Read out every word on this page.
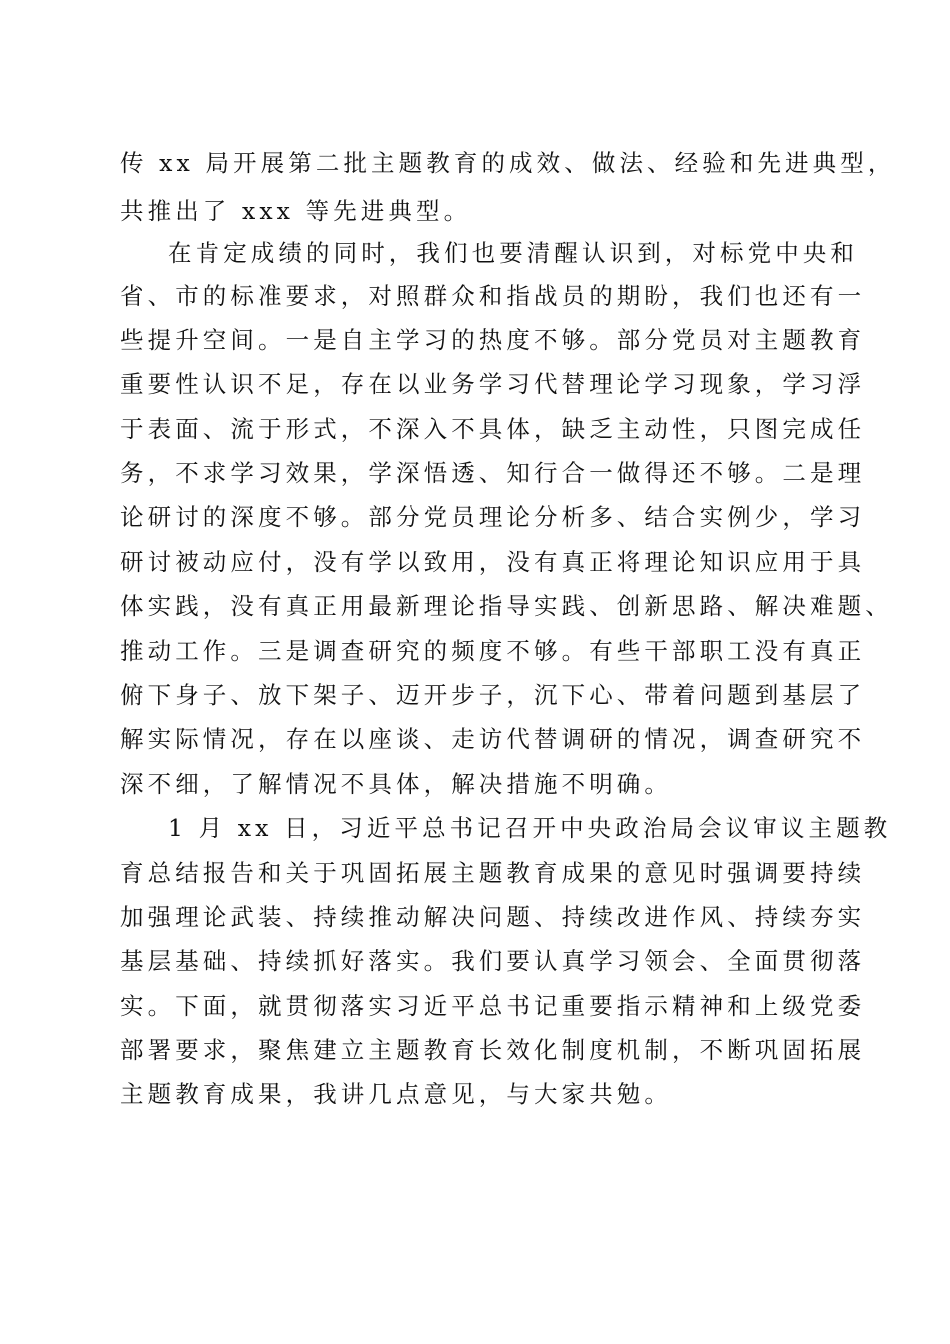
传 xx 局开展第二批主题教育的成效、做法、经验和先进典型，

共推出了 xxx 等先进典型。

在肯定成绩的同时，我们也要清醒认识到，对标党中央和

省、市的标准要求，对照群众和指战员的期盼，我们也还有一

些提升空间。一是自主学习的热度不够。部分党员对主题教育

重要性认识不足，存在以业务学习代替理论学习现象，学习浮

于表面、流于形式，不深入不具体，缺乏主动性，只图完成任

务，不求学习效果，学深悟透、知行合一做得还不够。二是理

论研讨的深度不够。部分党员理论分析多、结合实例少，学习

研讨被动应付，没有学以致用，没有真正将理论知识应用于具

体实践，没有真正用最新理论指导实践、创新思路、解决难题、

推动工作。三是调查研究的频度不够。有些干部职工没有真正

俯下身子、放下架子、迈开步子，沉下心、带着问题到基层了

解实际情况，存在以座谈、走访代替调研的情况，调查研究不

深不细，了解情况不具体，解决措施不明确。

1 月 xx 日，习近平总书记召开中央政治局会议审议主题教

育总结报告和关于巩固拓展主题教育成果的意见时强调要持续

加强理论武装、持续推动解决问题、持续改进作风、持续夯实

基层基础、持续抓好落实。我们要认真学习领会、全面贯彻落

实。下面，就贯彻落实习近平总书记重要指示精神和上级党委

部署要求，聚焦建立主题教育长效化制度机制，不断巩固拓展

主题教育成果，我讲几点意见，与大家共勉。
